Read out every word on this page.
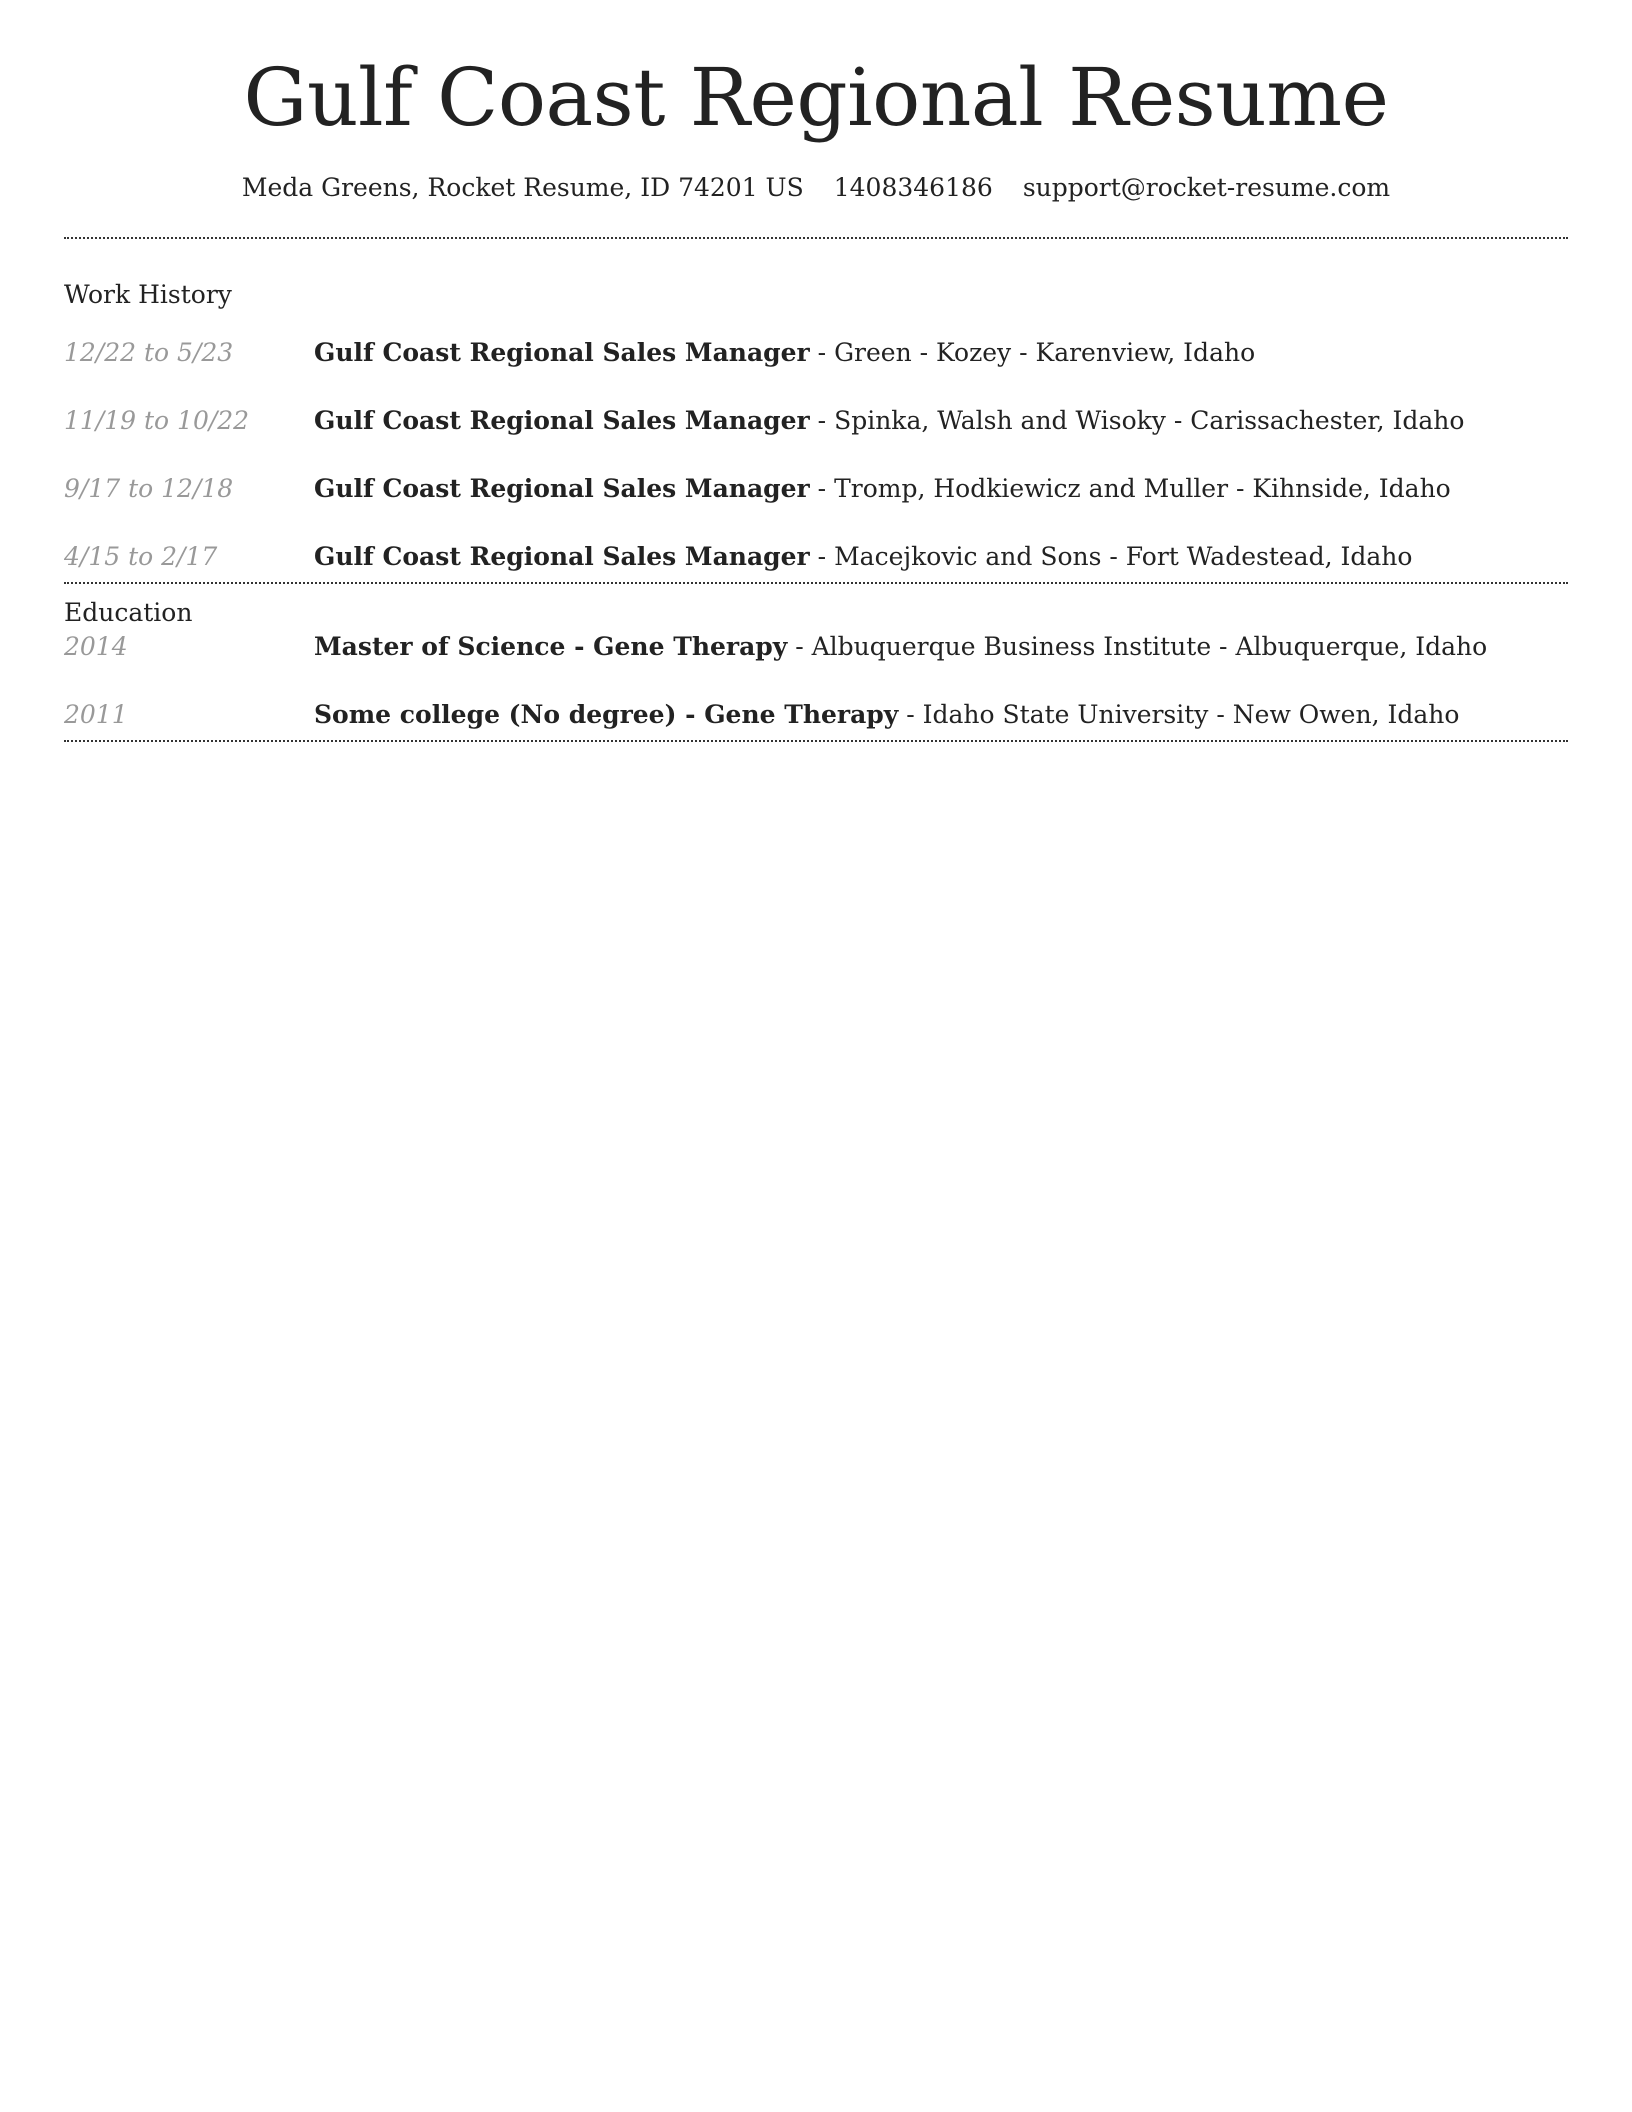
Gulf Coast Regional Resume
Meda Greens, Rocket Resume, ID 74201 US 1408346186 support@rocket-resume.com
Work History
12/22 to 5/23	Gulf Coast Regional Sales Manager - Green - Kozey - Karenview, Idaho
11/19 to 10/22	Gulf Coast Regional Sales Manager - Spinka, Walsh and Wisoky - Carissachester, Idaho
9/17 to 12/18	Gulf Coast Regional Sales Manager - Tromp, Hodkiewicz and Muller - Kihnside, Idaho
4/15 to 2/17	Gulf Coast Regional Sales Manager - Macejkovic and Sons - Fort Wadestead, Idaho
Education
2014	Master of Science - Gene Therapy - Albuquerque Business Institute - Albuquerque, Idaho
2011	Some college (No degree) - Gene Therapy - Idaho State University - New Owen, Idaho
